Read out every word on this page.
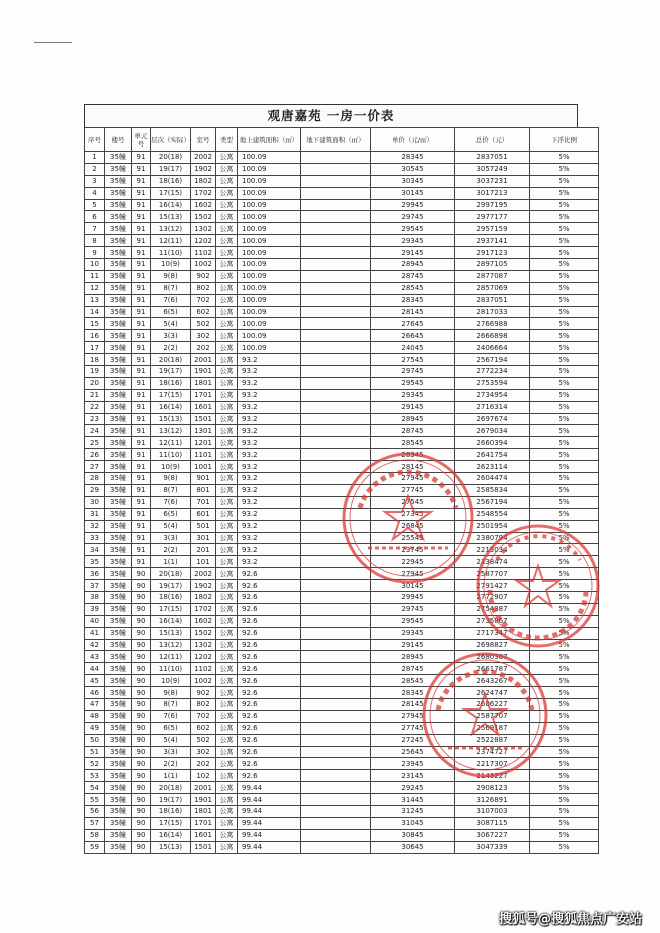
观唐嘉苑 一房一价表
序号	楼号	单元号	层次（实际）	室号	类型	地上建筑面积（㎡）	地下建筑面积（㎡）	单价（元/㎡）	总价（元）	下浮比例
1	35幢	91	20(18)	2002	公寓	100.09		28345	2837051	5%
2	35幢	91	19(17)	1902	公寓	100.09		30545	3057249	5%
3	35幢	91	18(16)	1802	公寓	100.09		30345	3037231	5%
4	35幢	91	17(15)	1702	公寓	100.09		30145	3017213	5%
5	35幢	91	16(14)	1602	公寓	100.09		29945	2997195	5%
6	35幢	91	15(13)	1502	公寓	100.09		29745	2977177	5%
7	35幢	91	13(12)	1302	公寓	100.09		29545	2957159	5%
8	35幢	91	12(11)	1202	公寓	100.09		29345	2937141	5%
9	35幢	91	11(10)	1102	公寓	100.09		29145	2917123	5%
10	35幢	91	10(9)	1002	公寓	100.09		28945	2897105	5%
11	35幢	91	9(8)	902	公寓	100.09		28745	2877087	5%
12	35幢	91	8(7)	802	公寓	100.09		28545	2857069	5%
13	35幢	91	7(6)	702	公寓	100.09		28345	2837051	5%
14	35幢	91	6(5)	602	公寓	100.09		28145	2817033	5%
15	35幢	91	5(4)	502	公寓	100.09		27645	2766988	5%
16	35幢	91	3(3)	302	公寓	100.09		26645	2666898	5%
17	35幢	91	2(2)	202	公寓	100.09		24045	2406664	5%
18	35幢	91	20(18)	2001	公寓	93.2		27545	2567194	5%
19	35幢	91	19(17)	1901	公寓	93.2		29745	2772234	5%
20	35幢	91	18(16)	1801	公寓	93.2		29545	2753594	5%
21	35幢	91	17(15)	1701	公寓	93.2		29345	2734954	5%
22	35幢	91	16(14)	1601	公寓	93.2		29145	2716314	5%
23	35幢	91	15(13)	1501	公寓	93.2		28945	2697674	5%
24	35幢	91	13(12)	1301	公寓	93.2		28745	2679034	5%
25	35幢	91	12(11)	1201	公寓	93.2		28545	2660394	5%
26	35幢	91	11(10)	1101	公寓	93.2		28345	2641754	5%
27	35幢	91	10(9)	1001	公寓	93.2		28145	2623114	5%
28	35幢	91	9(8)	901	公寓	93.2		27945	2604474	5%
29	35幢	91	8(7)	801	公寓	93.2		27745	2585834	5%
30	35幢	91	7(6)	701	公寓	93.2		27545	2567194	5%
31	35幢	91	6(5)	601	公寓	93.2		27345	2548554	5%
32	35幢	91	5(4)	501	公寓	93.2		26845	2501954	5%
33	35幢	91	3(3)	301	公寓	93.2		25545	2380794	5%
34	35幢	91	2(2)	201	公寓	93.2		23745	2213034	5%
35	35幢	91	1(1)	101	公寓	93.2		22945	2138474	5%
36	35幢	90	20(18)	2002	公寓	92.6		27945	2587707	5%
37	35幢	90	19(17)	1902	公寓	92.6		30145	2791427	5%
38	35幢	90	18(16)	1802	公寓	92.6		29945	2772907	5%
39	35幢	90	17(15)	1702	公寓	92.6		29745	2754387	5%
40	35幢	90	16(14)	1602	公寓	92.6		29545	2735867	5%
41	35幢	90	15(13)	1502	公寓	92.6		29345	2717347	5%
42	35幢	90	13(12)	1302	公寓	92.6		29145	2698827	5%
43	35幢	90	12(11)	1202	公寓	92.6		28945	2680307	5%
44	35幢	90	11(10)	1102	公寓	92.6		28745	2661787	5%
45	35幢	90	10(9)	1002	公寓	92.6		28545	2643267	5%
46	35幢	90	9(8)	902	公寓	92.6		28345	2624747	5%
47	35幢	90	8(7)	802	公寓	92.6		28145	2606227	5%
48	35幢	90	7(6)	702	公寓	92.6		27945	2587707	5%
49	35幢	90	6(5)	602	公寓	92.6		27745	2569187	5%
50	35幢	90	5(4)	502	公寓	92.6		27245	2522887	5%
51	35幢	90	3(3)	302	公寓	92.6		25645	2374727	5%
52	35幢	90	2(2)	202	公寓	92.6		23945	2217307	5%
53	35幢	90	1(1)	102	公寓	92.6		23145	2143227	5%
54	35幢	90	20(18)	2001	公寓	99.44		29245	2908123	5%
55	35幢	90	19(17)	1901	公寓	99.44		31445	3126891	5%
56	35幢	90	18(16)	1801	公寓	99.44		31245	3107003	5%
57	35幢	90	17(15)	1701	公寓	99.44		31045	3087115	5%
58	35幢	90	16(14)	1601	公寓	99.44		30845	3067227	5%
59	35幢	90	15(13)	1501	公寓	99.44		30645	3047339	5%
搜狐号@搜狐焦点广安站
